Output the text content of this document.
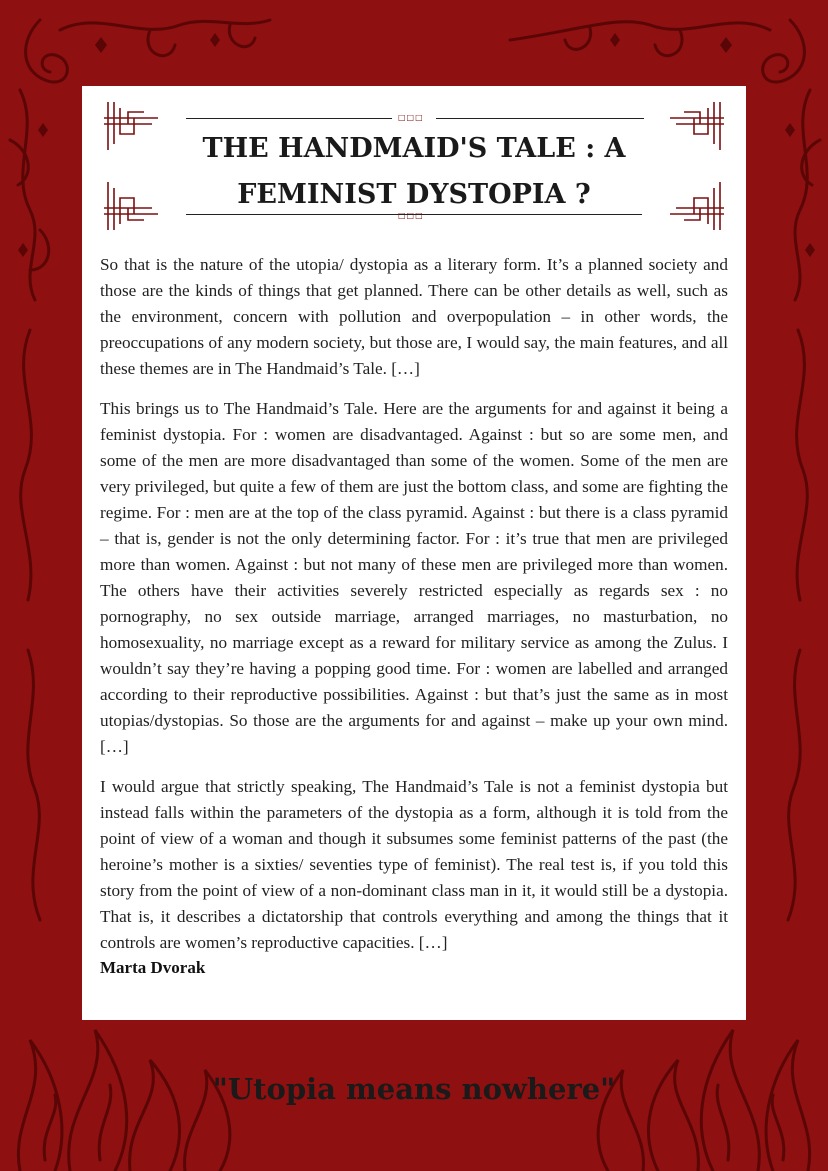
□□□
THE HANDMAID'S TALE : A
FEMINIST DYSTOPIA ?
□□□

So that is the nature of the utopia/ dystopia as a literary form. It’s a planned society and those are the kinds of things that get planned. There can be other details as well, such as the environment, concern with pollution and overpopulation – in other words, the preoccupations of any modern society, but those are, I would say, the main features, and all these themes are in The Handmaid’s Tale. […]

This brings us to The Handmaid’s Tale. Here are the arguments for and against it being a feminist dystopia. For : women are disadvantaged. Against : but so are some men, and some of the men are more disadvantaged than some of the women. Some of the men are very privileged, but quite a few of them are just the bottom class, and some are fighting the regime. For : men are at the top of the class pyramid. Against : but there is a class pyramid – that is, gender is not the only determining factor. For : it’s true that men are privileged more than women. Against : but not many of these men are privileged more than women. The others have their activities severely restricted especially as regards sex : no pornography, no sex outside marriage, arranged marriages, no masturbation, no homosexuality, no marriage except as a reward for military service as among the Zulus. I wouldn’t say they’re having a popping good time. For : women are labelled and arranged according to their reproductive possibilities. Against : but that’s just the same as in most utopias/dystopias. So those are the arguments for and against – make up your own mind. […]

I would argue that strictly speaking, The Handmaid’s Tale is not a feminist dystopia but instead falls within the parameters of the dystopia as a form, although it is told from the point of view of a woman and though it subsumes some feminist patterns of the past (the heroine’s mother is a sixties/ seventies type of feminist). The real test is, if you told this story from the point of view of a non-dominant class man in it, it would still be a dystopia. That is, it describes a dictatorship that controls everything and among the things that it controls are women’s reproductive capacities. […]

Marta Dvorak

"Utopia means nowhere"
